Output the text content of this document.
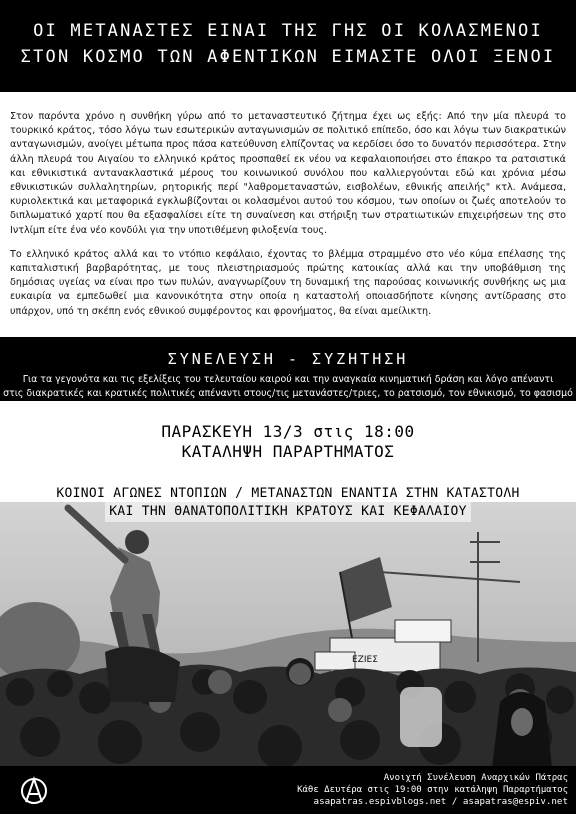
ΟΙ ΜΕΤΑΝΑΣΤΕΣ ΕΙΝΑΙ ΤΗΣ ΓΗΣ ΟΙ ΚΟΛΑΣΜΕΝΟΙ
ΣΤΟΝ ΚΟΣΜΟ ΤΩΝ ΑΦΕΝΤΙΚΩΝ ΕΙΜΑΣΤΕ ΟΛΟΙ ΞΕΝΟΙ

Στον παρόντα χρόνο η συνθήκη γύρω από το μεταναστευτικό ζήτημα έχει ως εξής: Από την μία πλευρά το τουρκικό κράτος, τόσο λόγω των εσωτερικών ανταγωνισμών σε πολιτικό επίπεδο, όσο και λόγω των διακρατικών ανταγωνισμών, ανοίγει μέτωπα προς πάσα κατεύθυνση ελπίζοντας να κερδίσει όσο το δυνατόν περισσότερα. Στην άλλη πλευρά του Αιγαίου το ελληνικό κράτος προσπαθεί εκ νέου να κεφαλαιοποιήσει στο έπακρο τα ρατσιστικά και εθνικιστικά αντανακλαστικά μέρους του κοινωνικού συνόλου που καλλιεργούνται εδώ και χρόνια μέσω εθνικιστικών συλλαλητηρίων, ρητορικής περί "λαθρομεταναστών, εισβολέων, εθνικής απειλής" κτλ. Ανάμεσα, κυριολεκτικά και μεταφορικά εγκλωβίζονται οι κολασμένοι αυτού του κόσμου, των οποίων οι ζωές αποτελούν το διπλωματικό χαρτί που θα εξασφαλίσει είτε τη συναίνεση και στήριξη των στρατιωτικών επιχειρήσεων της στο Ιντλίμπ είτε ένα νέο κονδύλι για την υποτιθέμενη φιλοξενία τους.

Το ελληνικό κράτος αλλά και το ντόπιο κεφάλαιο, έχοντας το βλέμμα στραμμένο στο νέο κύμα επέλασης της καπιταλιστική βαρβαρότητας, με τους πλειστηριασμούς πρώτης κατοικίας αλλά και την υποβάθμιση της δημόσιας υγείας να είναι προ των πυλών, αναγνωρίζουν τη δυναμική της παρούσας κοινωνικής συνθήκης ως μια ευκαιρία να εμπεδωθεί μια κανονικότητα στην οποία η καταστολή οποιασδήποτε κίνησης αντίδρασης στο υπάρχον, υπό τη σκέπη ενός εθνικού συμφέροντος και φρονήματος, θα είναι αμείλικτη.

ΣΥΝΕΛΕΥΣΗ - ΣΥΖΗΤΗΣΗ
Για τα γεγονότα και τις εξελίξεις του τελευταίου καιρού και την αναγκαία κινηματική δράση και λόγο απέναντι
στις διακρατικές και κρατικές πολιτικές απέναντι στους/τις μετανάστες/τριες, το ρατσισμό, τον εθνικισμό, το φασισμό
ΠΑΡΑΣΚΕΥΗ 13/3 στις 18:00
ΚΑΤΑΛΗΨΗ ΠΑΡΑΡΤΗΜΑΤΟΣ
ΚΟΙΝΟΙ ΑΓΩΝΕΣ ΝΤΟΠΙΩΝ / ΜΕΤΑΝΑΣΤΩΝ ΕΝΑΝΤΙΑ ΣΤΗΝ ΚΑΤΑΣΤΟΛΗ
ΕΖΙΕΣ
ΚΑΙ ΤΗΝ ΘΑΝΑΤΟΠΟΛΙΤΙΚΗ ΚΡΑΤΟΥΣ ΚΑΙ ΚΕΦΑΛΑΙΟΥ
Ανοιχτή Συνέλευση Αναρχικών Πάτρας
Κάθε Δευτέρα στις 19:00 στην κατάληψη Παραρτήματος
asapatras.espivblogs.net / asapatras@espiv.net
